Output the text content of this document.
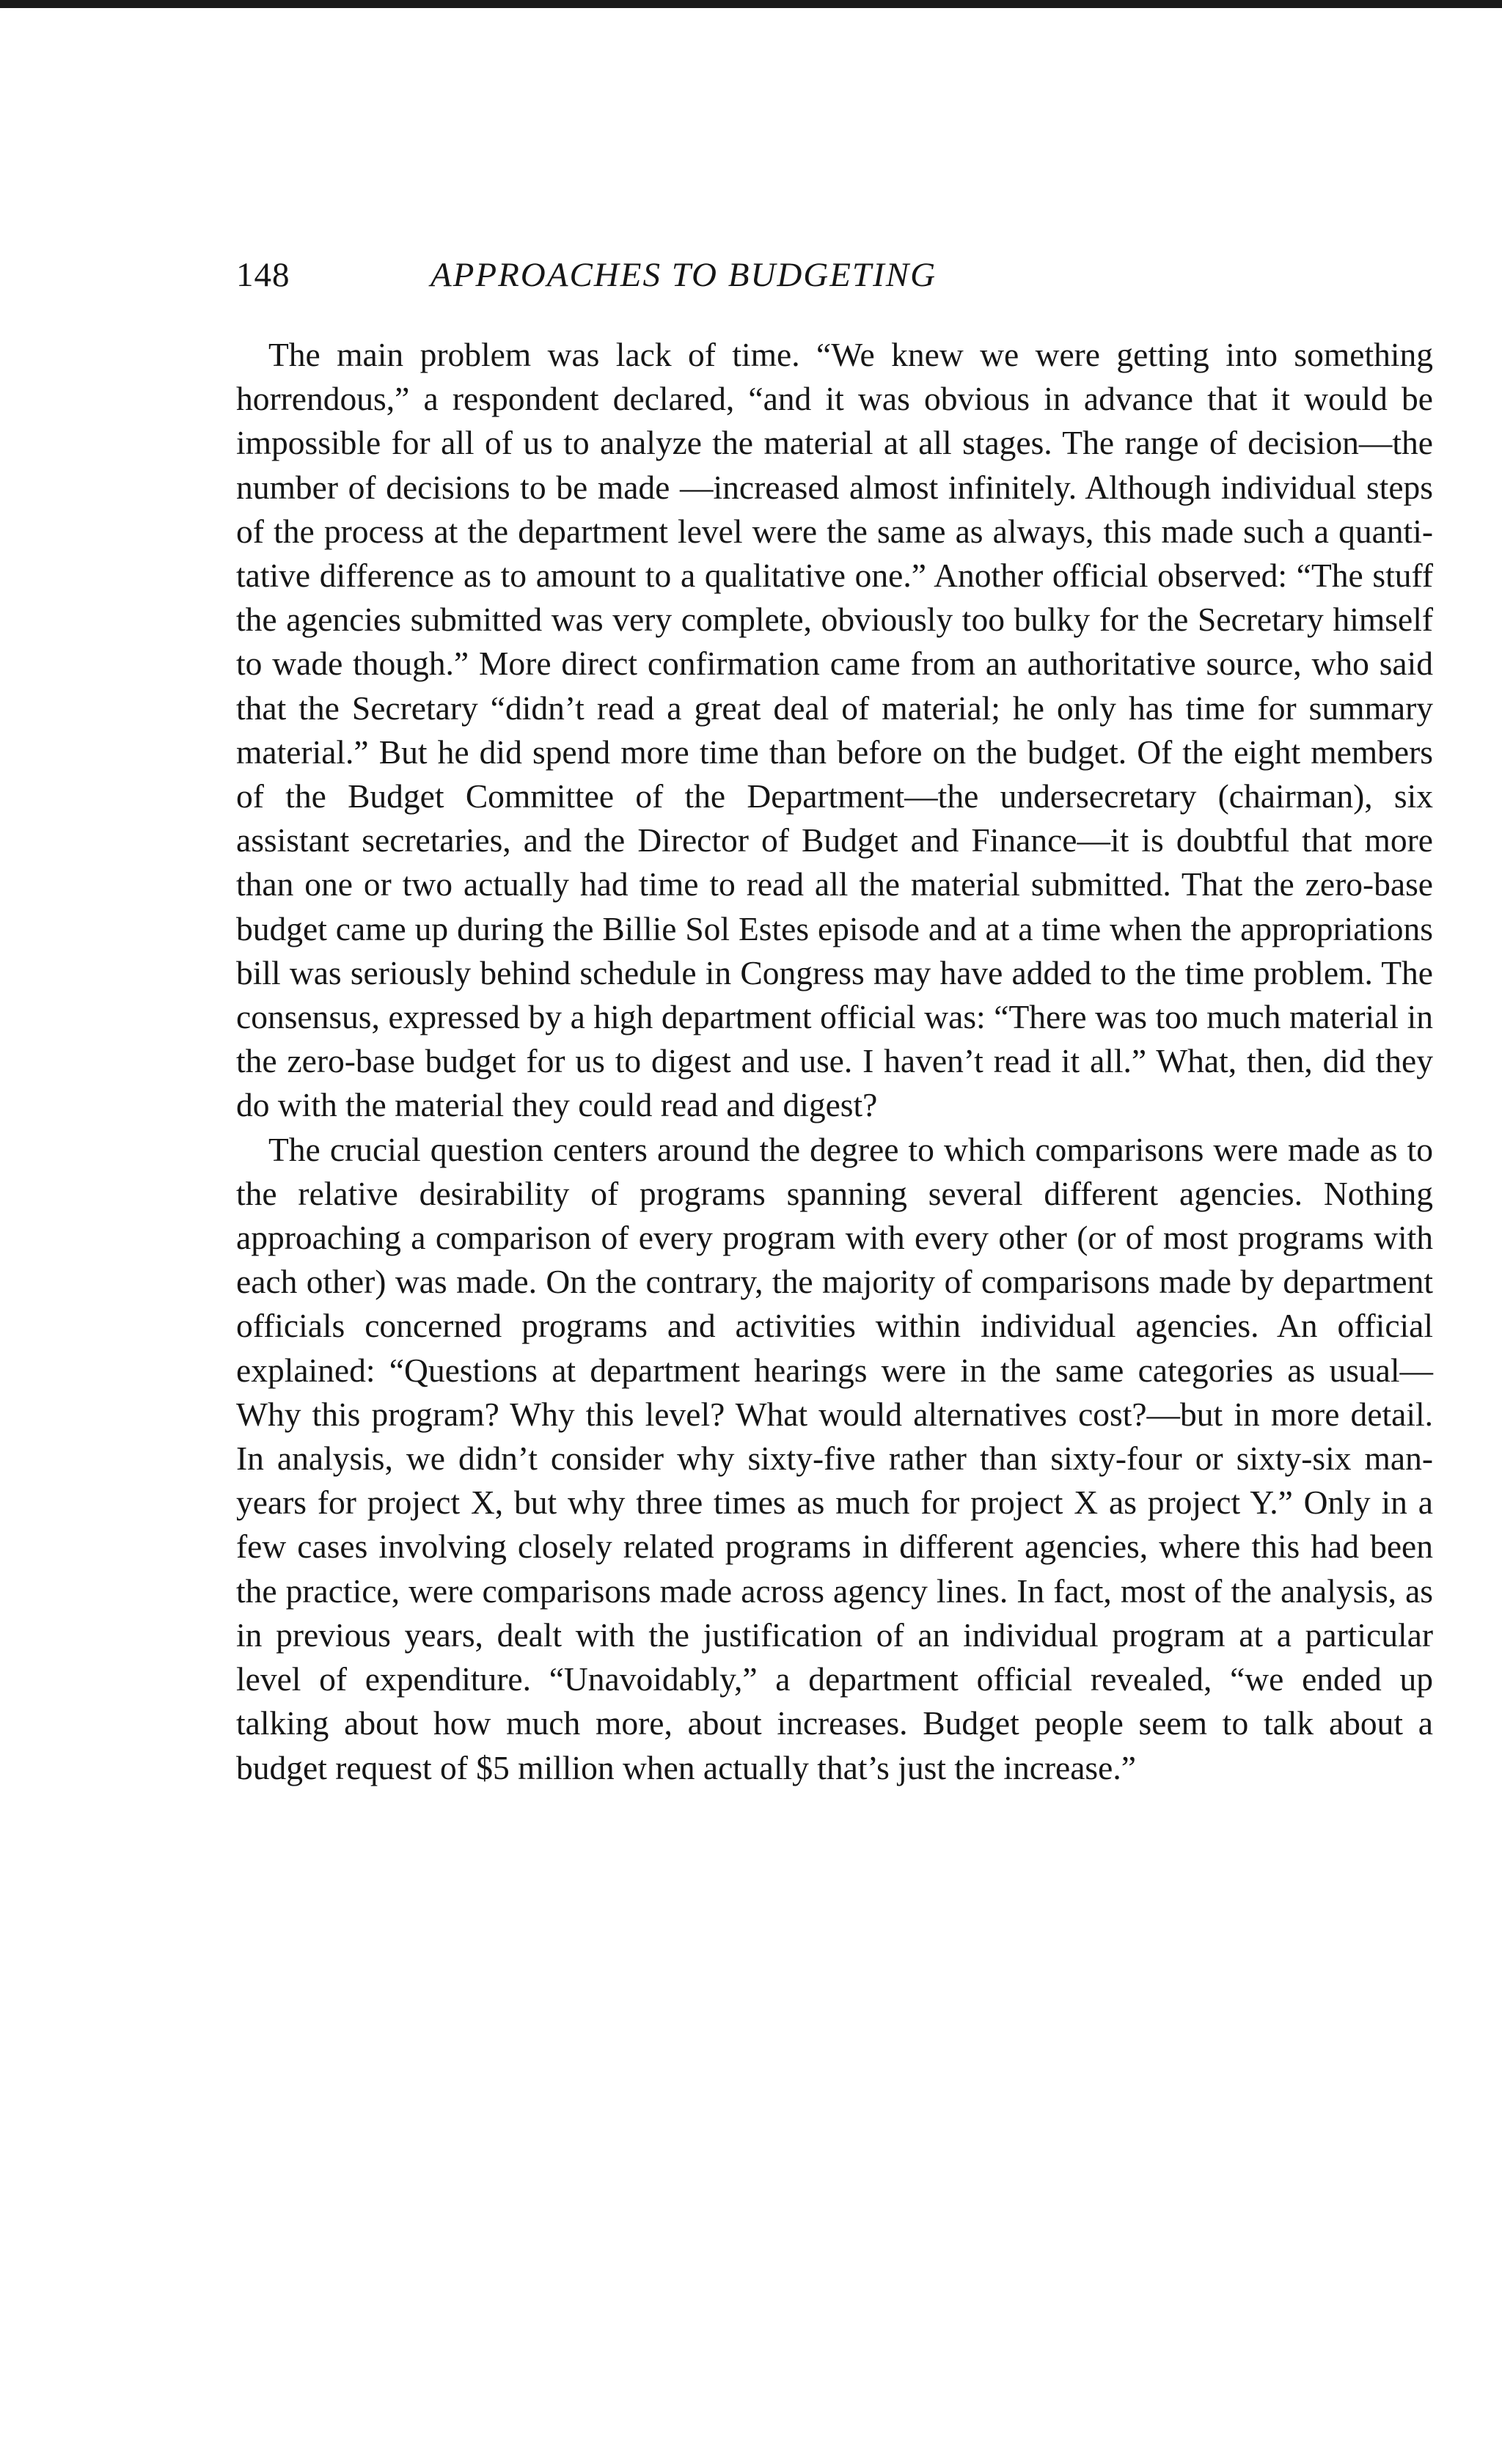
148	APPROACHES TO BUDGETING

The main problem was lack of time. “We knew we were getting into something horrendous,” a respondent declared, “and it was obvious in advance that it would be impossible for all of us to analyze the material at all stages. The range of decision—the number of decisions to be made —increased almost infinitely. Although individual steps of the process at the department level were the same as always, this made such a quantitative difference as to amount to a qualitative one.” Another official observed: “The stuff the agencies submitted was very complete, obviously too bulky for the Secretary himself to wade though.” More direct confirmation came from an authoritative source, who said that the Secretary “didn’t read a great deal of material; he only has time for summary material.” But he did spend more time than before on the budget. Of the eight members of the Budget Committee of the Department—the undersecretary (chairman), six assistant secretaries, and the Director of Budget and Finance—it is doubtful that more than one or two actually had time to read all the material submitted. That the zero-base budget came up during the Billie Sol Estes episode and at a time when the appropriations bill was seriously behind schedule in Congress may have added to the time problem. The consensus, expressed by a high department official was: “There was too much material in the zero-base budget for us to digest and use. I haven’t read it all.” What, then, did they do with the material they could read and digest?

The crucial question centers around the degree to which comparisons were made as to the relative desirability of programs spanning several different agencies. Nothing approaching a comparison of every program with every other (or of most programs with each other) was made. On the contrary, the majority of comparisons made by department officials concerned programs and activities within individual agencies. An official explained: “Questions at department hearings were in the same categories as usual—Why this program? Why this level? What would alternatives cost?—but in more detail. In analysis, we didn’t consider why sixty-five rather than sixty-four or sixty-six man-years for project X, but why three times as much for project X as project Y.” Only in a few cases involving closely related programs in different agencies, where this had been the practice, were comparisons made across agency lines. In fact, most of the analysis, as in previous years, dealt with the justification of an individual program at a particular level of expenditure. “Unavoidably,” a department official revealed, “we ended up talking about how much more, about increases. Budget people seem to talk about a budget request of $5 million when actually that’s just the increase.”
